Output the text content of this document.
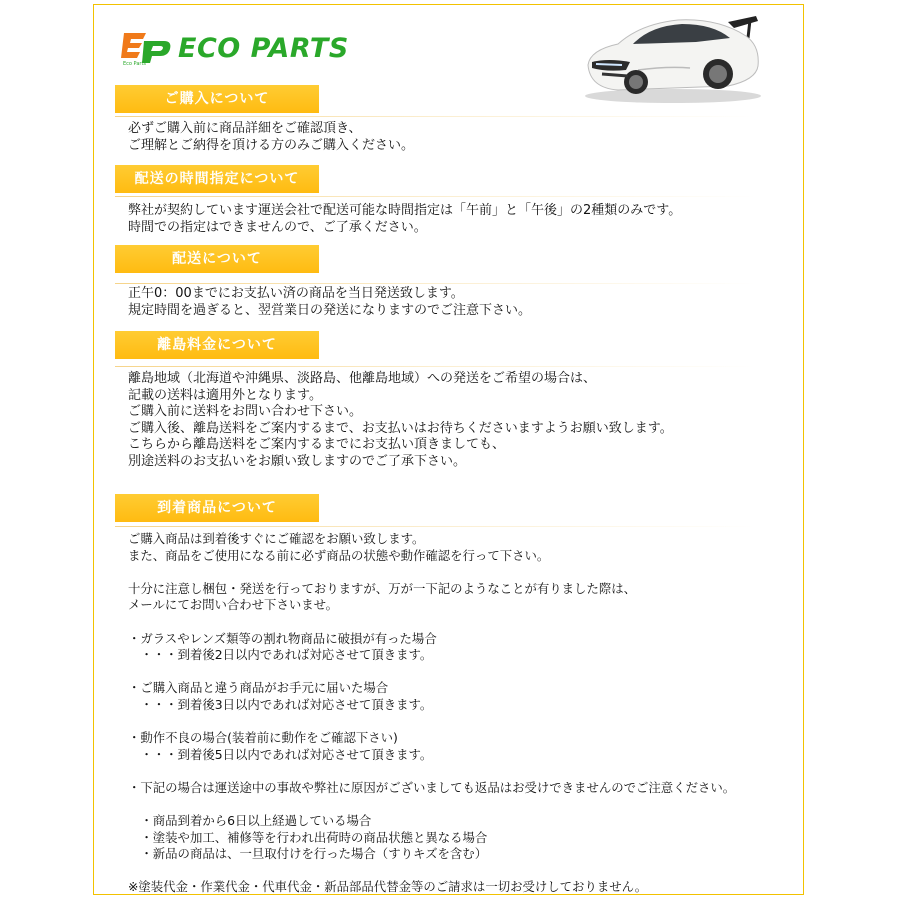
Eco Parts
ECO PARTS
ご購入について
必ずご購入前に商品詳細をご確認頂き、
ご理解とご納得を頂ける方のみご購入ください。
配送の時間指定について
弊社が契約しています運送会社で配送可能な時間指定は「午前」と「午後」の2種類のみです。
時間での指定はできませんので、ご了承ください。
配送について
正午0：00までにお支払い済の商品を当日発送致します。
規定時間を過ぎると、翌営業日の発送になりますのでご注意下さい。
離島料金について
離島地域（北海道や沖縄県、淡路島、他離島地域）への発送をご希望の場合は、
記載の送料は適用外となります。
ご購入前に送料をお問い合わせ下さい。
ご購入後、離島送料をご案内するまで、お支払いはお待ちくださいますようお願い致します。
こちらから離島送料をご案内するまでにお支払い頂きましても、
別途送料のお支払いをお願い致しますのでご了承下さい。
到着商品について
ご購入商品は到着後すぐにご確認をお願い致します。
また、商品をご使用になる前に必ず商品の状態や動作確認を行って下さい。

十分に注意し梱包・発送を行っておりますが、万が一下記のようなことが有りました際は、
メールにてお問い合わせ下さいませ。

・ガラスやレンズ類等の割れ物商品に破損が有った場合
　・・・到着後2日以内であれば対応させて頂きます。

・ご購入商品と違う商品がお手元に届いた場合
　・・・到着後3日以内であれば対応させて頂きます。

・動作不良の場合(装着前に動作をご確認下さい)
　・・・到着後5日以内であれば対応させて頂きます。

・下記の場合は運送途中の事故や弊社に原因がございましても返品はお受けできませんのでご注意ください。

　・商品到着から6日以上経過している場合
　・塗装や加工、補修等を行われ出荷時の商品状態と異なる場合
　・新品の商品は、一旦取付けを行った場合（すりキズを含む）

※塗装代金・作業代金・代車代金・新品部品代替金等のご請求は一切お受けしておりません。
